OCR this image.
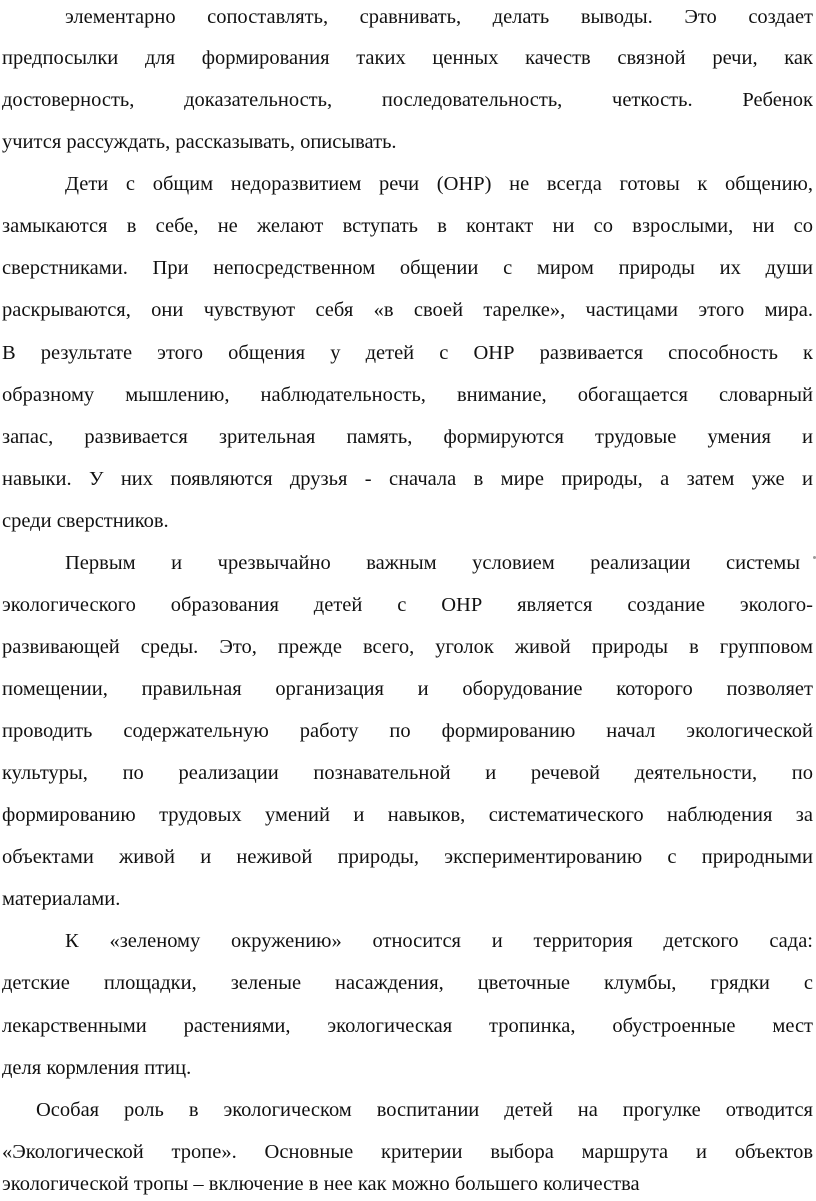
элементарно сопоставлять, сравнивать, делать выводы. Это создает

предпосылки для формирования таких ценных качеств связной речи, как

достоверность, доказательность, последовательность, четкость. Ребенок

учится рассуждать, рассказывать, описывать.

Дети с общим недоразвитием речи (ОНР) не всегда готовы к общению,

замыкаются в себе, не желают вступать в контакт ни со взрослыми, ни со

сверстниками. При непосредственном общении с миром природы их души

раскрываются, они чувствуют себя «в своей тарелке», частицами этого мира.

В результате этого общения у детей с ОНР развивается способность к

образному мышлению, наблюдательность, внимание, обогащается словарный

запас, развивается зрительная память, формируются трудовые умения и

навыки. У них появляются друзья - сначала в мире природы, а затем уже и

среди сверстников.

Первым и чрезвычайно важным условием реализации системы

экологического образования детей с ОНР является создание эколого-

развивающей среды. Это, прежде всего, уголок живой природы в групповом

помещении, правильная организация и оборудование которого позволяет

проводить содержательную работу по формированию начал экологической

культуры, по реализации познавательной и речевой деятельности, по

формированию трудовых умений и навыков, систематического наблюдения за

объектами живой и неживой природы, экспериментированию с природными

материалами.

К «зеленому окружению» относится и территория детского сада:

детские площадки, зеленые насаждения, цветочные клумбы, грядки с

лекарственными растениями, экологическая тропинка, обустроенные мест

деля кормления птиц.

Особая роль в экологическом воспитании детей на прогулке отводится

«Экологической тропе». Основные критерии выбора маршрута и объектов

экологической тропы – включение в нее как можно большего количества
